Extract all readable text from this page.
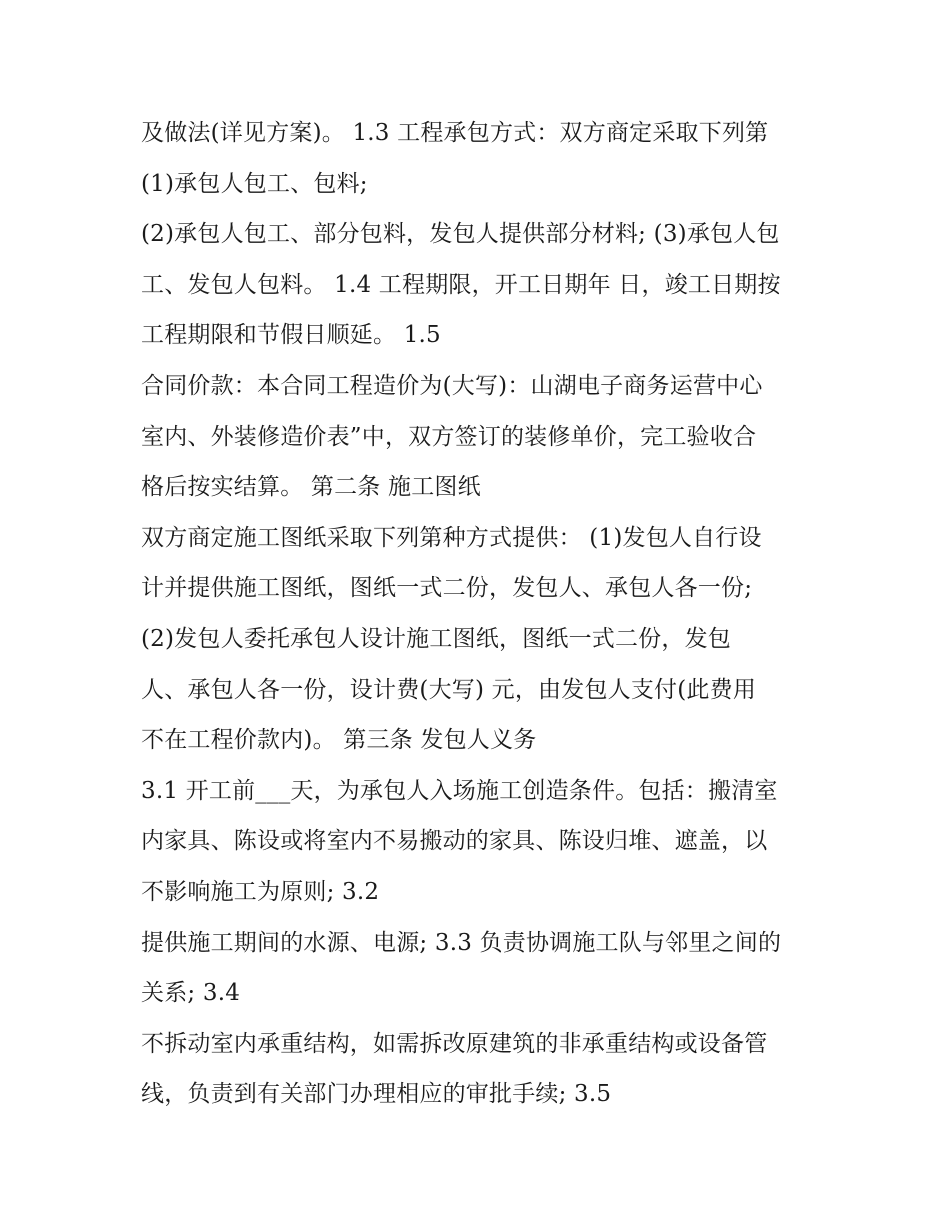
及做法(详见方案)。 1.3 工程承包方式：双方商定采取下列第
(1)承包人包工、包料;
(2)承包人包工、部分包料，发包人提供部分材料; (3)承包人包
工、发包人包料。 1.4 工程期限，开工日期年 日，竣工日期按
工程期限和节假日顺延。 1.5
合同价款：本合同工程造价为(大写)：山湖电子商务运营中心
室内、外装修造价表”中，双方签订的装修单价，完工验收合
格后按实结算。 第二条 施工图纸
双方商定施工图纸采取下列第种方式提供： (1)发包人自行设
计并提供施工图纸，图纸一式二份，发包人、承包人各一份;
(2)发包人委托承包人设计施工图纸，图纸一式二份，发包
人、承包人各一份，设计费(大写) 元，由发包人支付(此费用
不在工程价款内)。 第三条 发包人义务
3.1 开工前___天，为承包人入场施工创造条件。包括：搬清室
内家具、陈设或将室内不易搬动的家具、陈设归堆、遮盖，以
不影响施工为原则; 3.2
提供施工期间的水源、电源; 3.3 负责协调施工队与邻里之间的
关系; 3.4
不拆动室内承重结构，如需拆改原建筑的非承重结构或设备管
线，负责到有关部门办理相应的审批手续; 3.5
